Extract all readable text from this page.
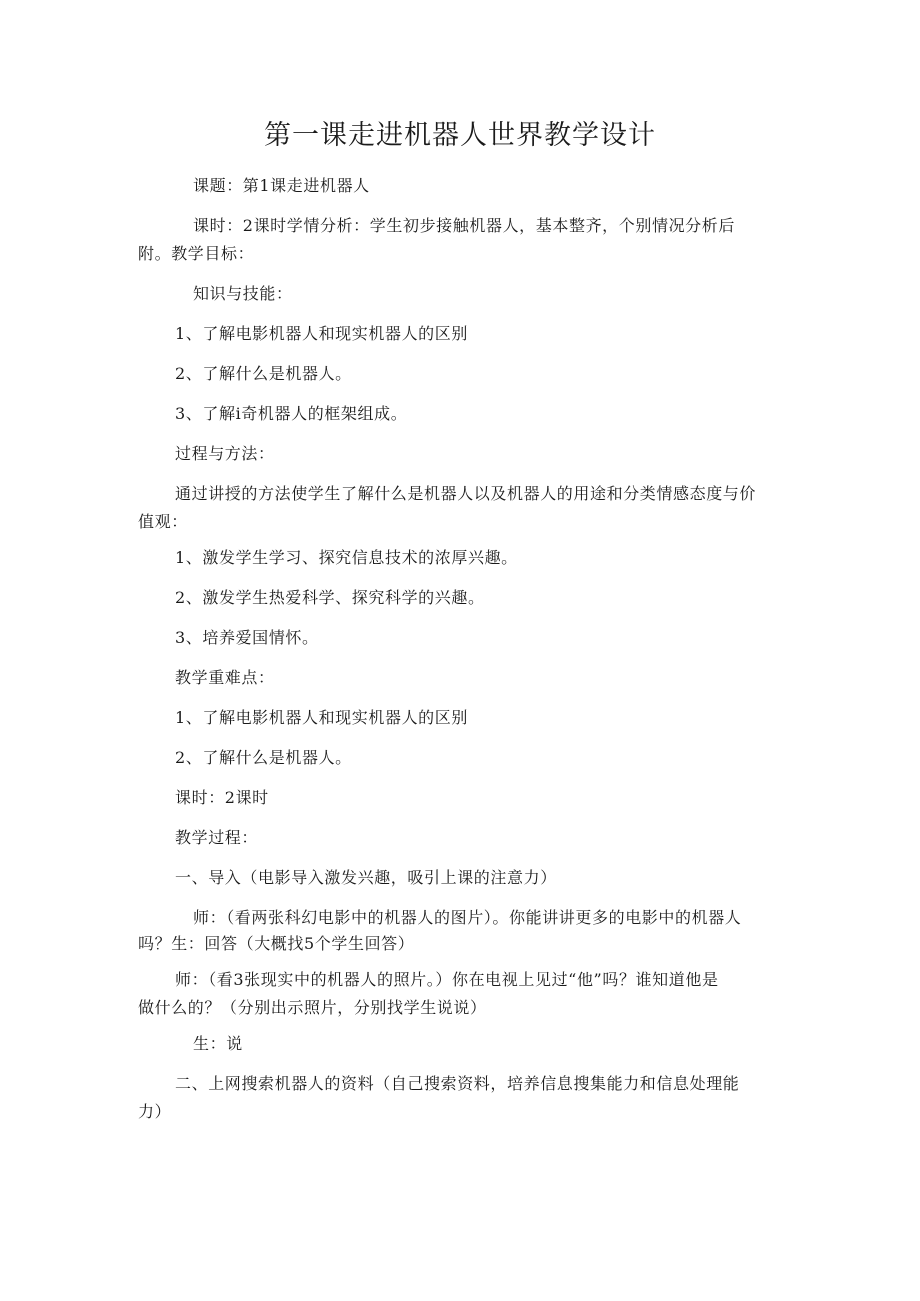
第一课走进机器人世界教学设计
课题：第1课走进机器人
课时：2课时学情分析：学生初步接触机器人，基本整齐，个别情况分析后
附。教学目标：
知识与技能：
1、了解电影机器人和现实机器人的区别
2、了解什么是机器人。
3、了解i奇机器人的框架组成。
过程与方法：
通过讲授的方法使学生了解什么是机器人以及机器人的用途和分类情感态度与价
值观：
1、激发学生学习、探究信息技术的浓厚兴趣。
2、激发学生热爱科学、探究科学的兴趣。
3、培养爱国情怀。
教学重难点：
1、了解电影机器人和现实机器人的区别
2、了解什么是机器人。
课时：2课时
教学过程：
一、导入（电影导入激发兴趣，吸引上课的注意力）
师：（看两张科幻电影中的机器人的图片）。你能讲讲更多的电影中的机器人
吗？生：回答（大概找5个学生回答）
师：（看3张现实中的机器人的照片。）你在电视上见过“他”吗？谁知道他是
做什么的？（分别出示照片，分别找学生说说）
生：说
二、上网搜索机器人的资料（自己搜索资料，培养信息搜集能力和信息处理能
力）
